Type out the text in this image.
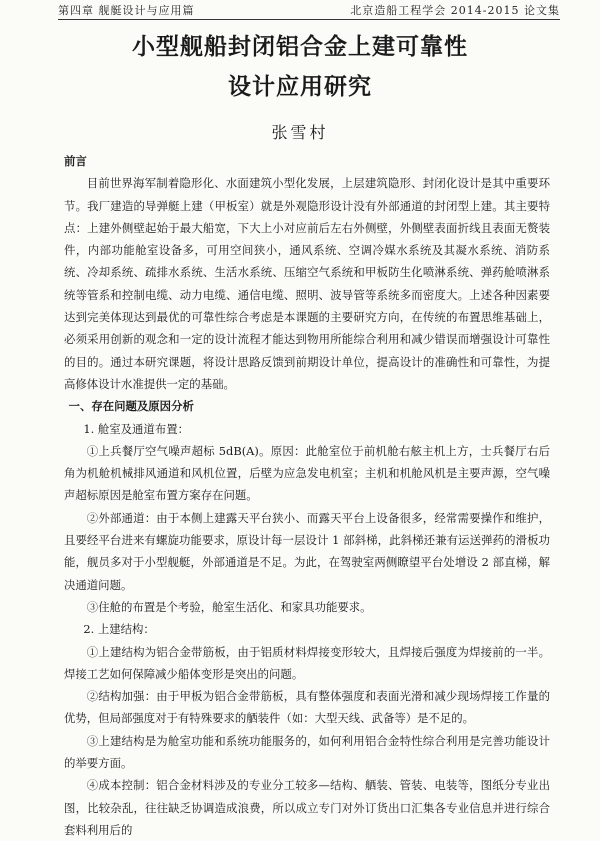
第四章 舰艇设计与应用篇	北京造船工程学会 2014-2015 论文集
小型舰船封闭铝合金上建可靠性
设计应用研究
张雪村

前言

目前世界海军制着隐形化、水面建筑小型化发展，上层建筑隐形、封闭化设计是其中重要环节。我厂建造的导弹艇上建（甲板室）就是外观隐形设计没有外部通道的封闭型上建。其主要特点：上建外侧壁起始于最大船宽，下大上小对应前后左右外侧壁，外侧壁表面折线且表面无赘装件，内部功能舱室设备多，可用空间狭小，通风系统、空调冷媒水系统及其凝水系统、消防系统、冷却系统、疏排水系统、生活水系统、压缩空气系统和甲板防生化喷淋系统、弹药舱喷淋系统等管系和控制电缆、动力电缆、通信电缆、照明、波导管等系统多而密度大。上述各种因素要达到完美体现达到最优的可靠性综合考虑是本课题的主要研究方向，在传统的布置思维基础上，必须采用创新的观念和一定的设计流程才能达到物用所能综合利用和减少错误而增强设计可靠性的目的。通过本研究课题，将设计思路反馈到前期设计单位，提高设计的准确性和可靠性，为提高修体设计水准提供一定的基础。

一、存在问题及原因分析

1. 舱室及通道布置：

①上兵餐厅空气噪声超标 5dB(A)。原因：此舱室位于前机舱右舷主机上方，士兵餐厅右后角为机舱机械排风通道和风机位置，后壁为应急发电机室；主机和机舱风机是主要声源，空气噪声超标原因是舱室布置方案存在问题。

②外部通道：由于本侧上建露天平台狭小、而露天平台上设备很多，经常需要操作和维护，且要经平台进来有螺旋功能要求，原设计每一层设计 1 部斜梯，此斜梯还兼有运送弹药的滑板功能，舰员多对于小型舰艇，外部通道是不足。为此，在驾驶室两侧瞭望平台处增设 2 部直梯，解决通道问题。

③住舱的布置是个考验，舱室生活化、和家具功能要求。

2. 上建结构：

①上建结构为铝合金带筋板，由于铝质材料焊接变形较大，且焊接后强度为焊接前的一半。焊接工艺如何保障减少船体变形是突出的问题。

②结构加强：由于甲板为铝合金带筋板，具有整体强度和表面光滑和减少现场焊接工作量的优势，但局部强度对于有特殊要求的舾装件（如：大型天线、武备等）是不足的。

③上建结构是为舱室功能和系统功能服务的，如何利用铝合金特性综合利用是完善功能设计的举要方面。

④成本控制：铝合金材料涉及的专业分工较多—结构、舾装、管装、电装等，图纸分专业出图，比较杂乱，往往缺乏协调造成浪费，所以成立专门对外订货出口汇集各专业信息并进行综合套料利用后的
